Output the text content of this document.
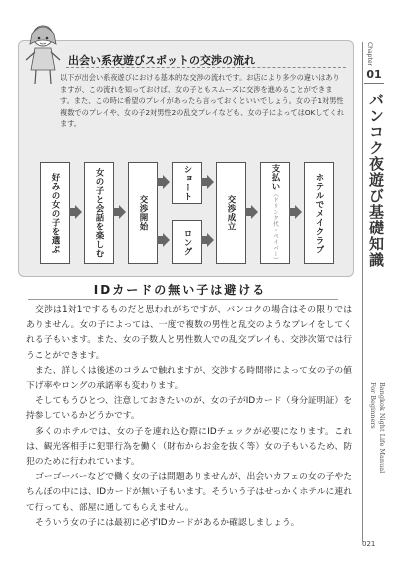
Chapter
01
バンコク夜遊び基礎知識
Bangkok Night Life Manual
For Beginners
021
出会い系夜遊びスポットの交渉の流れ
以下が出会い系夜遊びにおける基本的な交渉の流れです。お店により多少の違いはありますが、この流れを知っておけば、女の子ともスムーズに交渉を進めることができます。また、この時に希望のプレイがあったら言っておくといいでしょう。女の子1対男性複数でのプレイや、女の子2対男性2の乱交プレイなども、女の子によってはOKしてくれます。
好みの女の子を選ぶ	女の子と会話を楽しむ	交渉開始
ショート
ロング
交渉成立
支払い（ドリンク代・ペイバー）	ホテルでメイクラブ
IDカードの無い子は避ける

交渉は1対1でするものだと思われがちですが、バンコクの場合はその限りではありません。女の子によっては、一度で複数の男性と乱交のようなプレイをしてくれる子もいます。また、女の子数人と男性数人での乱交プレイも、交渉次第では行うことができます。

また、詳しくは後述のコラムで触れますが、交渉する時間帯によって女の子の値下げ率やロングの承諾率も変わります。

そしてもうひとつ、注意しておきたいのが、女の子がIDカード（身分証明証）を持参しているかどうかです。

多くのホテルでは、女の子を連れ込む際にIDチェックが必要になります。これは、観光客相手に犯罪行為を働く（財布からお金を抜く等）女の子もいるため、防犯のために行われています。

ゴーゴーバーなどで働く女の子は問題ありませんが、出会いカフェの女の子やたちんぼの中には、IDカードが無い子もいます。そういう子はせっかくホテルに連れて行っても、部屋に通してもらえません。

そういう女の子には最初に必ずIDカードがあるか確認しましょう。
